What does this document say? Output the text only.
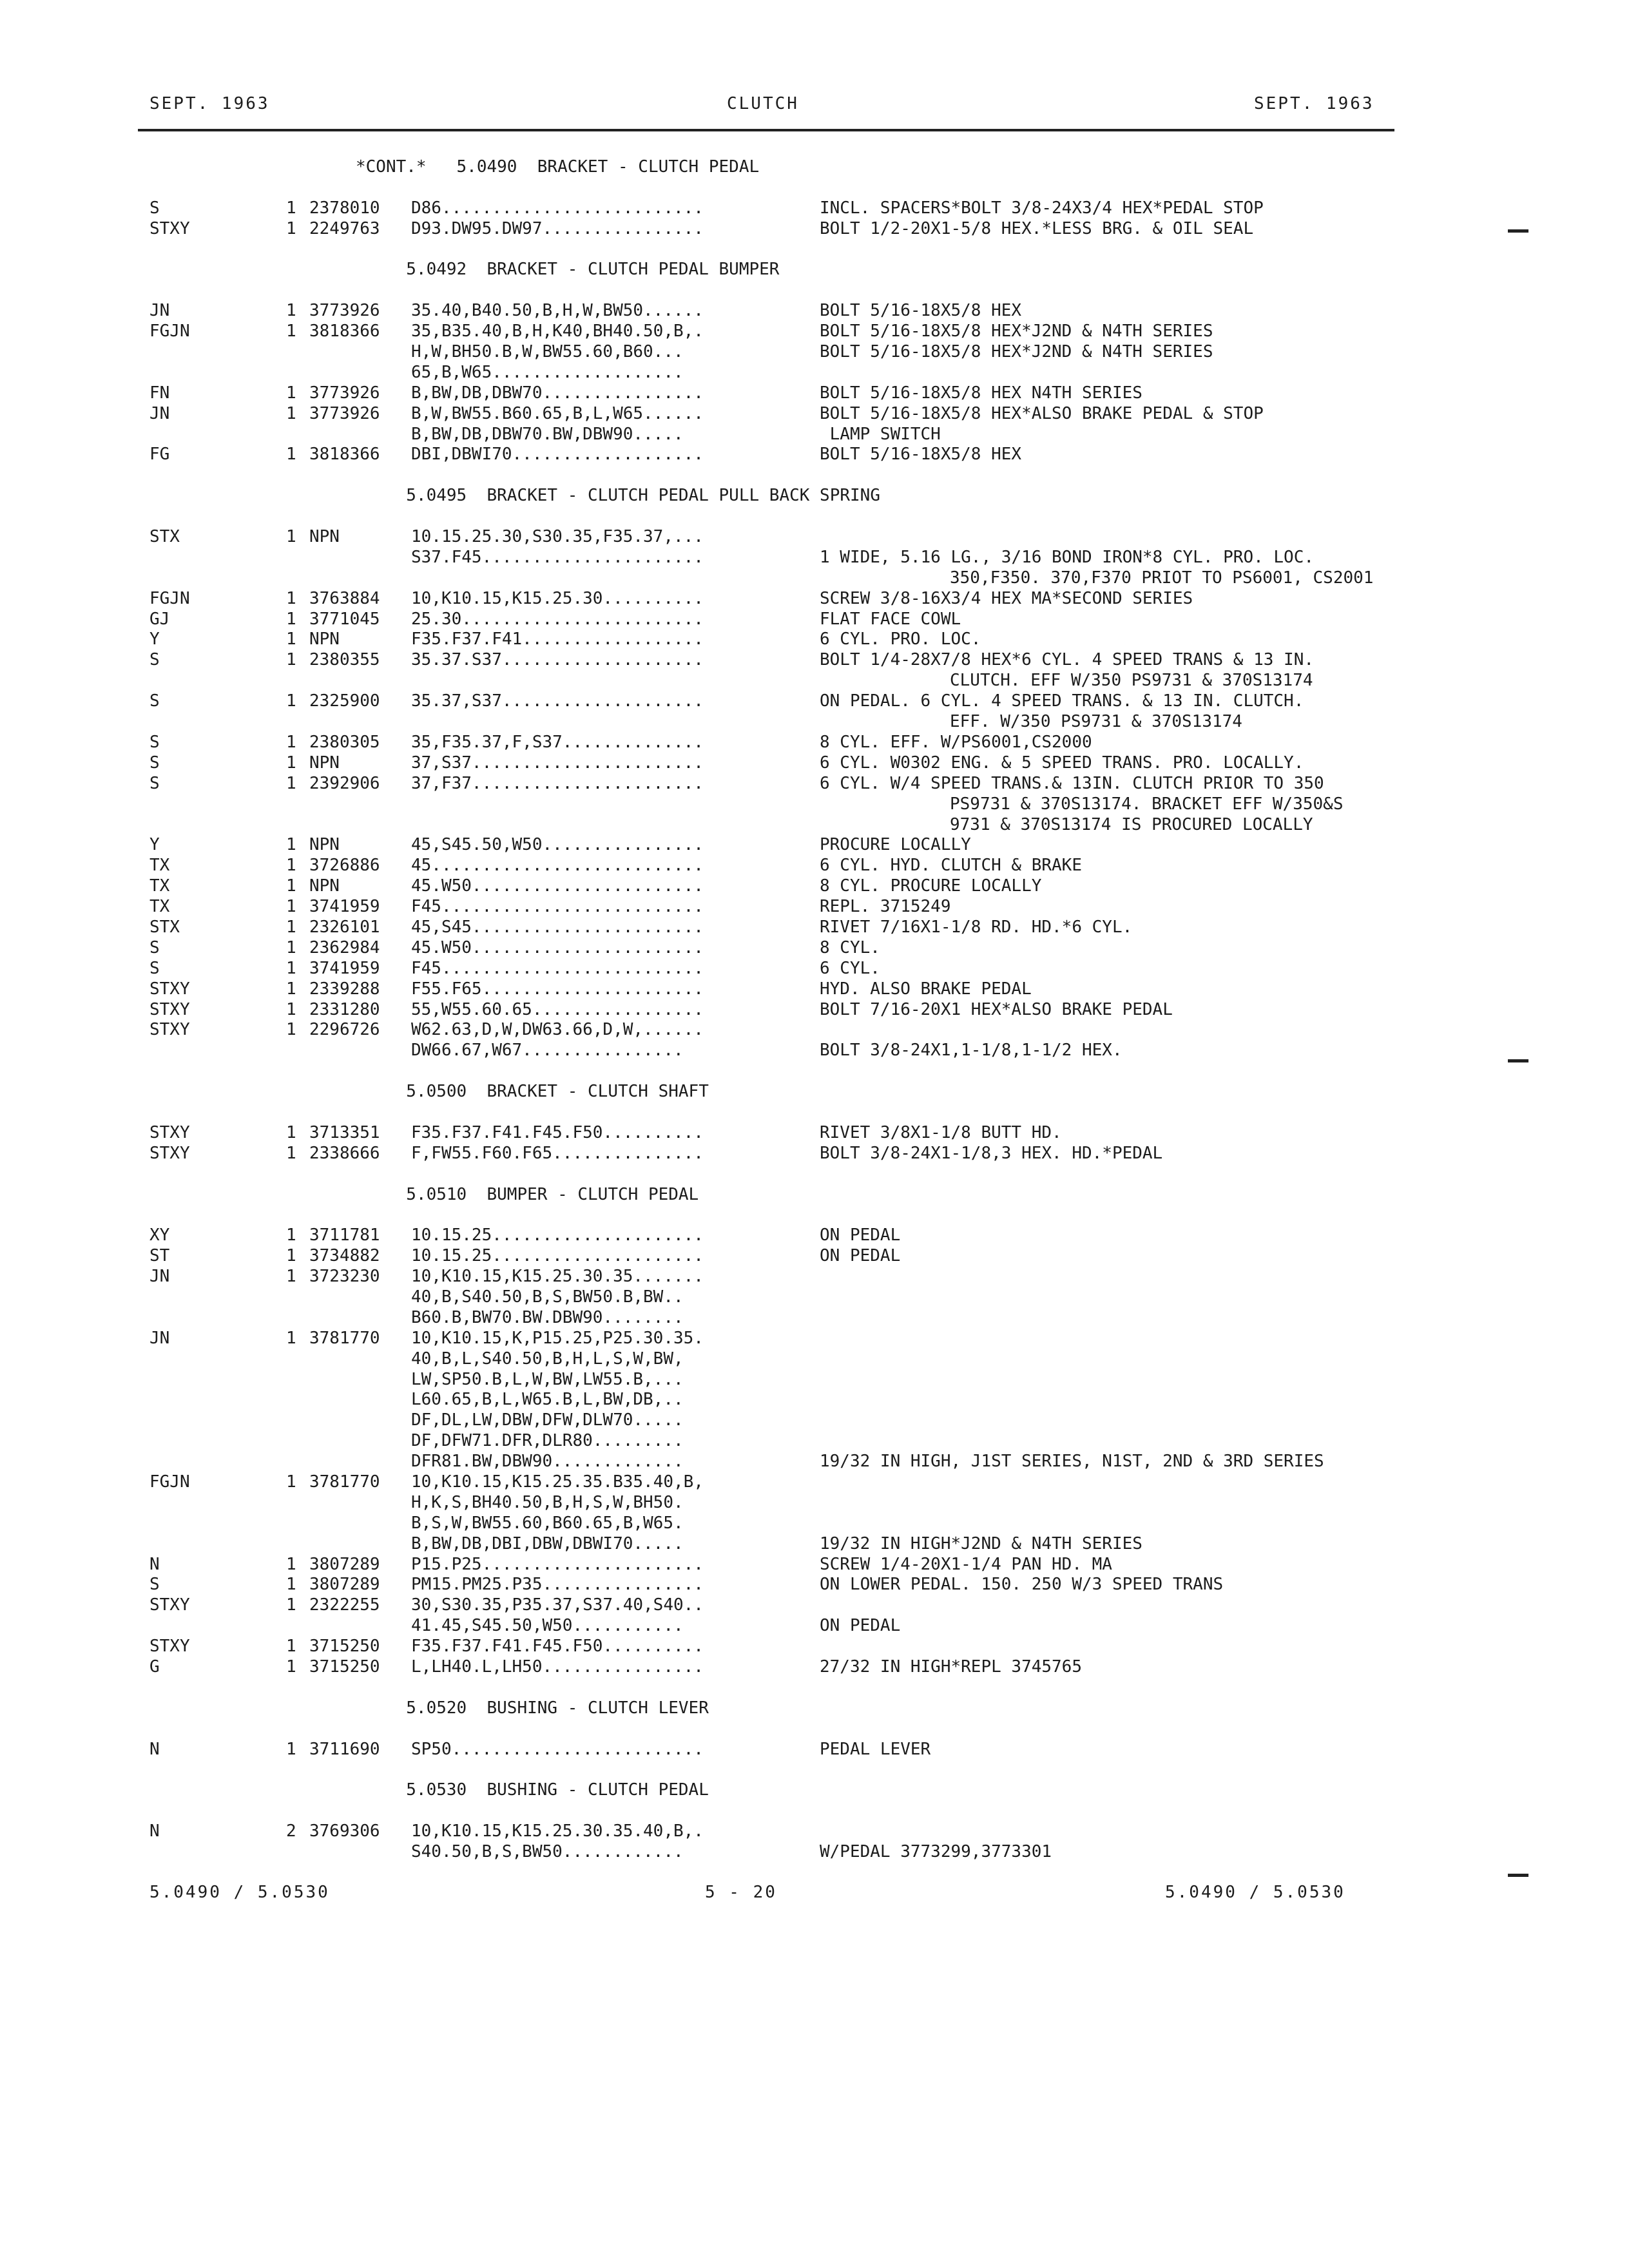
SEPT. 1963	CLUTCH	SEPT. 1963
*CONT.*   5.0490  BRACKET - CLUTCH PEDAL
S	1 2378010 D86..........................	INCL. SPACERS*BOLT 3/8-24X3/4 HEX*PEDAL STOP
STXY	1 2249763 D93.DW95.DW97................	BOLT 1/2-20X1-5/8 HEX.*LESS BRG. & OIL SEAL
5.0492  BRACKET - CLUTCH PEDAL BUMPER
JN	1 3773926 35.40,B40.50,B,H,W,BW50......	BOLT 5/16-18X5/8 HEX
FGJN	1 3818366 35,B35.40,B,H,K40,BH40.50,B,.	BOLT 5/16-18X5/8 HEX*J2ND & N4TH SERIES
H,W,BH50.B,W,BW55.60,B60...	BOLT 5/16-18X5/8 HEX*J2ND & N4TH SERIES
65,B,W65...................
FN	1 3773926 B,BW,DB,DBW70................	BOLT 5/16-18X5/8 HEX N4TH SERIES
JN	1 3773926 B,W,BW55.B60.65,B,L,W65......	BOLT 5/16-18X5/8 HEX*ALSO BRAKE PEDAL & STOP
B,BW,DB,DBW70.BW,DBW90.....	LAMP SWITCH
FG	1 3818366 DBI,DBWI70...................	BOLT 5/16-18X5/8 HEX
5.0495  BRACKET - CLUTCH PEDAL PULL BACK SPRING
STX	1 NPN	10.15.25.30,S30.35,F35.37,...
S37.F45......................	1 WIDE, 5.16 LG., 3/16 BOND IRON*8 CYL. PRO. LOC.
350,F350. 370,F370 PRIOT TO PS6001, CS2001
FGJN	1 3763884 10,K10.15,K15.25.30..........	SCREW 3/8-16X3/4 HEX MA*SECOND SERIES
GJ	1 3771045 25.30........................	FLAT FACE COWL
Y	1 NPN	F35.F37.F41..................	6 CYL. PRO. LOC.
S	1 2380355 35.37.S37....................	BOLT 1/4-28X7/8 HEX*6 CYL. 4 SPEED TRANS & 13 IN.
CLUTCH. EFF W/350 PS9731 & 370S13174
S	1 2325900 35.37,S37....................	ON PEDAL. 6 CYL. 4 SPEED TRANS. & 13 IN. CLUTCH.
EFF. W/350 PS9731 & 370S13174
S	1 2380305 35,F35.37,F,S37..............	8 CYL. EFF. W/PS6001,CS2000
S	1 NPN	37,S37.......................	6 CYL. W0302 ENG. & 5 SPEED TRANS. PRO. LOCALLY.
S	1 2392906 37,F37.......................	6 CYL. W/4 SPEED TRANS.& 13IN. CLUTCH PRIOR TO 350
PS9731 & 370S13174. BRACKET EFF W/350&S
9731 & 370S13174 IS PROCURED LOCALLY
Y	1 NPN	45,S45.50,W50................	PROCURE LOCALLY
TX	1 3726886 45...........................	6 CYL. HYD. CLUTCH & BRAKE
TX	1 NPN	45.W50.......................	8 CYL. PROCURE LOCALLY
TX	1 3741959 F45..........................	REPL. 3715249
STX	1 2326101 45,S45.......................	RIVET 7/16X1-1/8 RD. HD.*6 CYL.
S	1 2362984 45.W50.......................	8 CYL.
S	1 3741959 F45..........................	6 CYL.
STXY	1 2339288 F55.F65......................	HYD. ALSO BRAKE PEDAL
STXY	1 2331280 55,W55.60.65.................	BOLT 7/16-20X1 HEX*ALSO BRAKE PEDAL
STXY	1 2296726 W62.63,D,W,DW63.66,D,W,......
DW66.67,W67................	BOLT 3/8-24X1,1-1/8,1-1/2 HEX.
5.0500  BRACKET - CLUTCH SHAFT
STXY	1 3713351 F35.F37.F41.F45.F50..........	RIVET 3/8X1-1/8 BUTT HD.
STXY	1 2338666 F,FW55.F60.F65...............	BOLT 3/8-24X1-1/8,3 HEX. HD.*PEDAL
5.0510  BUMPER - CLUTCH PEDAL
XY	1 3711781 10.15.25.....................	ON PEDAL
ST	1 3734882 10.15.25.....................	ON PEDAL
JN	1 3723230 10,K10.15,K15.25.30.35.......
40,B,S40.50,B,S,BW50.B,BW..
B60.B,BW70.BW.DBW90........
JN	1 3781770 10,K10.15,K,P15.25,P25.30.35.
40,B,L,S40.50,B,H,L,S,W,BW,
LW,SP50.B,L,W,BW,LW55.B,...
L60.65,B,L,W65.B,L,BW,DB,..
DF,DL,LW,DBW,DFW,DLW70.....
DF,DFW71.DFR,DLR80.........
DFR81.BW,DBW90.............	19/32 IN HIGH, J1ST SERIES, N1ST, 2ND & 3RD SERIES
FGJN	1 3781770 10,K10.15,K15.25.35.B35.40,B,
H,K,S,BH40.50,B,H,S,W,BH50.
B,S,W,BW55.60,B60.65,B,W65.
B,BW,DB,DBI,DBW,DBWI70.....	19/32 IN HIGH*J2ND & N4TH SERIES
N	1 3807289 P15.P25......................	SCREW 1/4-20X1-1/4 PAN HD. MA
S	1 3807289 PM15.PM25.P35................	ON LOWER PEDAL. 150. 250 W/3 SPEED TRANS
STXY	1 2322255 30,S30.35,P35.37,S37.40,S40..
41.45,S45.50,W50...........	ON PEDAL
STXY	1 3715250 F35.F37.F41.F45.F50..........
G	1 3715250 L,LH40.L,LH50................	27/32 IN HIGH*REPL 3745765
5.0520  BUSHING - CLUTCH LEVER
N	1 3711690 SP50.........................	PEDAL LEVER
5.0530  BUSHING - CLUTCH PEDAL
N	2 3769306 10,K10.15,K15.25.30.35.40,B,.
S40.50,B,S,BW50............	W/PEDAL 3773299,3773301
5.0490 / 5.0530	5 - 20	5.0490 / 5.0530
